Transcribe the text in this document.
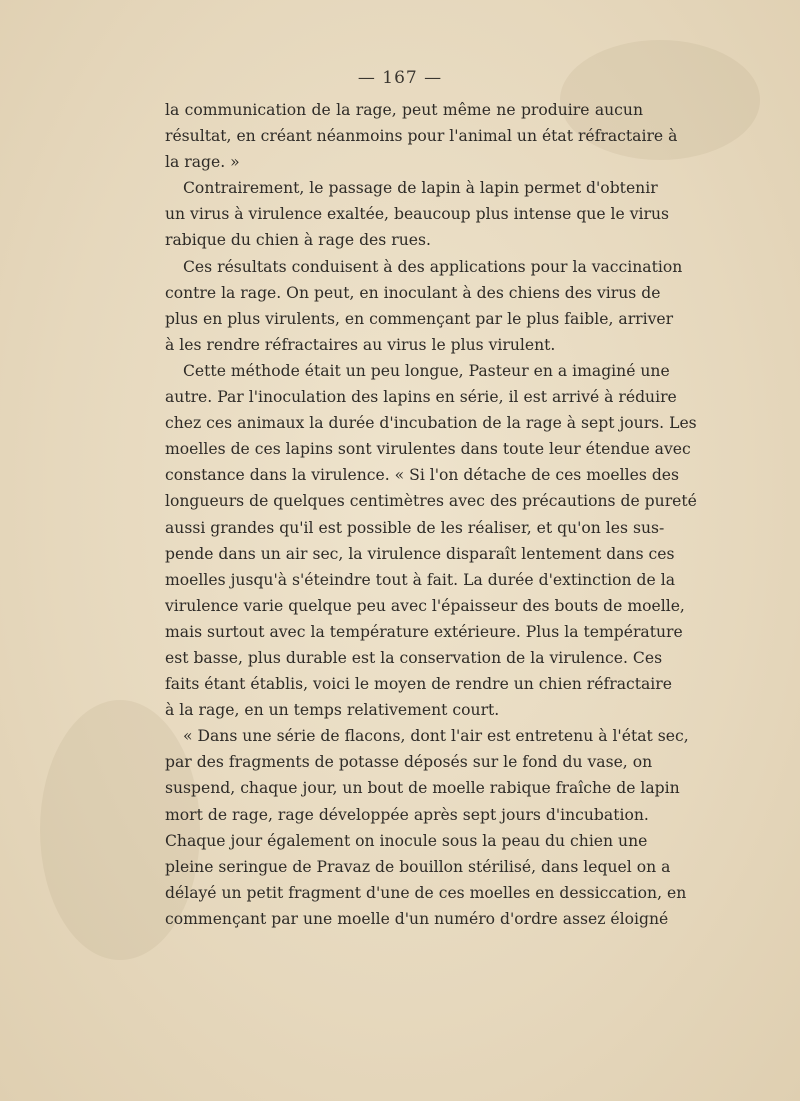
— 167 —
la communication de la rage, peut même ne produire aucun
résultat, en créant néanmoins pour l'animal un état réfractaire à
la rage. »
Contrairement, le passage de lapin à lapin permet d'obtenir
un virus à virulence exaltée, beaucoup plus intense que le virus
rabique du chien à rage des rues.
Ces résultats conduisent à des applications pour la vaccination
contre la rage. On peut, en inoculant à des chiens des virus de
plus en plus virulents, en commençant par le plus faible, arriver
à les rendre réfractaires au virus le plus virulent.
Cette méthode était un peu longue, Pasteur en a imaginé une
autre. Par l'inoculation des lapins en série, il est arrivé à réduire
chez ces animaux la durée d'incubation de la rage à sept jours. Les
moelles de ces lapins sont virulentes dans toute leur étendue avec
constance dans la virulence. « Si l'on détache de ces moelles des
longueurs de quelques centimètres avec des précautions de pureté
aussi grandes qu'il est possible de les réaliser, et qu'on les sus-
pende dans un air sec, la virulence disparaît lentement dans ces
moelles jusqu'à s'éteindre tout à fait. La durée d'extinction de la
virulence varie quelque peu avec l'épaisseur des bouts de moelle,
mais surtout avec la température extérieure. Plus la température
est basse, plus durable est la conservation de la virulence. Ces
faits étant établis, voici le moyen de rendre un chien réfractaire
à la rage, en un temps relativement court.
« Dans une série de flacons, dont l'air est entretenu à l'état sec,
par des fragments de potasse déposés sur le fond du vase, on
suspend, chaque jour, un bout de moelle rabique fraîche de lapin
mort de rage, rage développée après sept jours d'incubation.
Chaque jour également on inocule sous la peau du chien une
pleine seringue de Pravaz de bouillon stérilisé, dans lequel on a
délayé un petit fragment d'une de ces moelles en dessiccation, en
commençant par une moelle d'un numéro d'ordre assez éloigné
